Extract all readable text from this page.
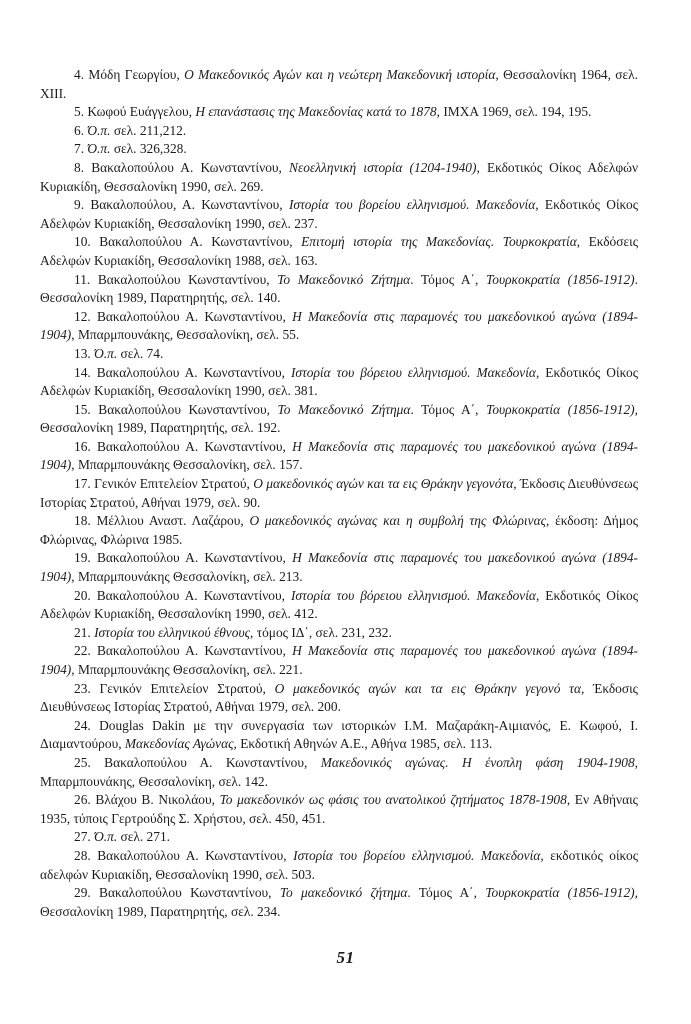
4. Μόδη Γεωργίου, Ο Μακεδονικός Αγών και η νεώτερη Μακεδονική ιστορία, Θεσσαλονίκη 1964, σελ. XIII.

5. Κωφού Ευάγγελου, Η επανάστασις της Μακεδονίας κατά το 1878, ΙΜΧΑ 1969, σελ. 194, 195.

6. Ό.π. σελ. 211,212.

7. Ό.π. σελ. 326,328.

8. Βακαλοπούλου Α. Κωνσταντίνου, Νεοελληνική ιστορία (1204-1940), Εκδοτικός Οίκος Αδελφών Κυριακίδη, Θεσσαλονίκη 1990, σελ. 269.

9. Βακαλοπούλου, Α. Κωνσταντίνου, Ιστορία του βορείου ελληνισμού. Μακεδονία, Εκδοτικός Οίκος Αδελφών Κυριακίδη, Θεσσαλονίκη 1990, σελ. 237.

10. Βακαλοπούλου Α. Κωνσταντίνου, Επιτομή ιστορία της Μακεδονίας. Τουρκοκρατία, Εκδόσεις Αδελφών Κυριακίδη, Θεσσαλονίκη 1988, σελ. 163.

11. Βακαλοπούλου Κωνσταντίνου, Το Μακεδονικό Ζήτημα. Τόμος Α΄, Τουρκοκρατία (1856-1912). Θεσσαλονίκη 1989, Παρατηρητής, σελ. 140.

12. Βακαλοπούλου Α. Κωνσταντίνου, Η Μακεδονία στις παραμονές του μακεδονικού αγώνα (1894-1904), Μπαρμπουνάκης, Θεσσαλονίκη, σελ. 55.

13. Ό.π. σελ. 74.

14. Βακαλοπούλου Α. Κωνσταντίνου, Ιστορία του βόρειου ελληνισμού. Μακεδονία, Εκδοτικός Οίκος Αδελφών Κυριακίδη, Θεσσαλονίκη 1990, σελ. 381.

15. Βακαλοπούλου Κωνσταντίνου, Το Μακεδονικό Ζήτημα. Τόμος Α΄, Τουρκοκρατία (1856-1912), Θεσσαλονίκη 1989, Παρατηρητής, σελ. 192.

16. Βακαλοπούλου Α. Κωνσταντίνου, Η Μακεδονία στις παραμονές του μακεδονικού αγώνα (1894-1904), Μπαρμπουνάκης Θεσσαλονίκη, σελ. 157.

17. Γενικόν Επιτελείον Στρατού, Ο μακεδονικός αγών και τα εις Θράκην γεγονότα, Έκδοσις Διευθύνσεως Ιστορίας Στρατού, Αθήναι 1979, σελ. 90.

18. Μέλλιου Αναστ. Λαζάρου, Ο μακεδονικός αγώνας και η συμβολή της Φλώρινας, έκδοση: Δήμος Φλώρινας, Φλώρινα 1985.

19. Βακαλοπούλου Α. Κωνσταντίνου, Η Μακεδονία στις παραμονές του μακεδονικού αγώνα (1894-1904), Μπαρμπουνάκης Θεσσαλονίκη, σελ. 213.

20. Βακαλοπούλου Α. Κωνσταντίνου, Ιστορία του βόρειου ελληνισμού. Μακεδονία, Εκδοτικός Οίκος Αδελφών Κυριακίδη, Θεσσαλονίκη 1990, σελ. 412.

21. Ιστορία του ελληνικού έθνους, τόμος ΙΔ΄, σελ. 231, 232.

22. Βακαλοπούλου Α. Κωνσταντίνου, Η Μακεδονία στις παραμονές του μακεδονικού αγώνα (1894-1904), Μπαρμπουνάκης Θεσσαλονίκη, σελ. 221.

23. Γενικόν Επιτελείον Στρατού, Ο μακεδονικός αγών και τα εις Θράκην γεγονό τα, Έκδοσις Διευθύνσεως Ιστορίας Στρατού, Αθήναι 1979, σελ. 200.

24. Douglas Dakin με την συνεργασία των ιστορικών Ι.Μ. Μαζαράκη-Αιμιανός, Ε. Κωφού, Ι. Διαμαντούρου, Μακεδονίας Αγώνας, Εκδοτική Αθηνών Α.Ε., Αθήνα 1985, σελ. 113.

25. Βακαλοπούλου Α. Κωνσταντίνου, Μακεδονικός αγώνας. Η ένοπλη φάση 1904-1908, Μπαρμπουνάκης, Θεσσαλονίκη, σελ. 142.

26. Βλάχου Β. Νικολάου, Το μακεδονικόν ως φάσις του ανατολικού ζητήματος 1878-1908, Εν Αθήναις 1935, τύποις Γερτρούδης Σ. Χρήστου, σελ. 450, 451.

27. Ό.π. σελ. 271.

28. Βακαλοπούλου Α. Κωνσταντίνου, Ιστορία του βορείου ελληνισμού. Μακεδονία, εκδοτικός οίκος αδελφών Κυριακίδη, Θεσσαλονίκη 1990, σελ. 503.

29. Βακαλοπούλου Κωνσταντίνου, Το μακεδονικό ζήτημα. Τόμος Α΄, Τουρκοκρατία (1856-1912), Θεσσαλονίκη 1989, Παρατηρητής, σελ. 234.

51
